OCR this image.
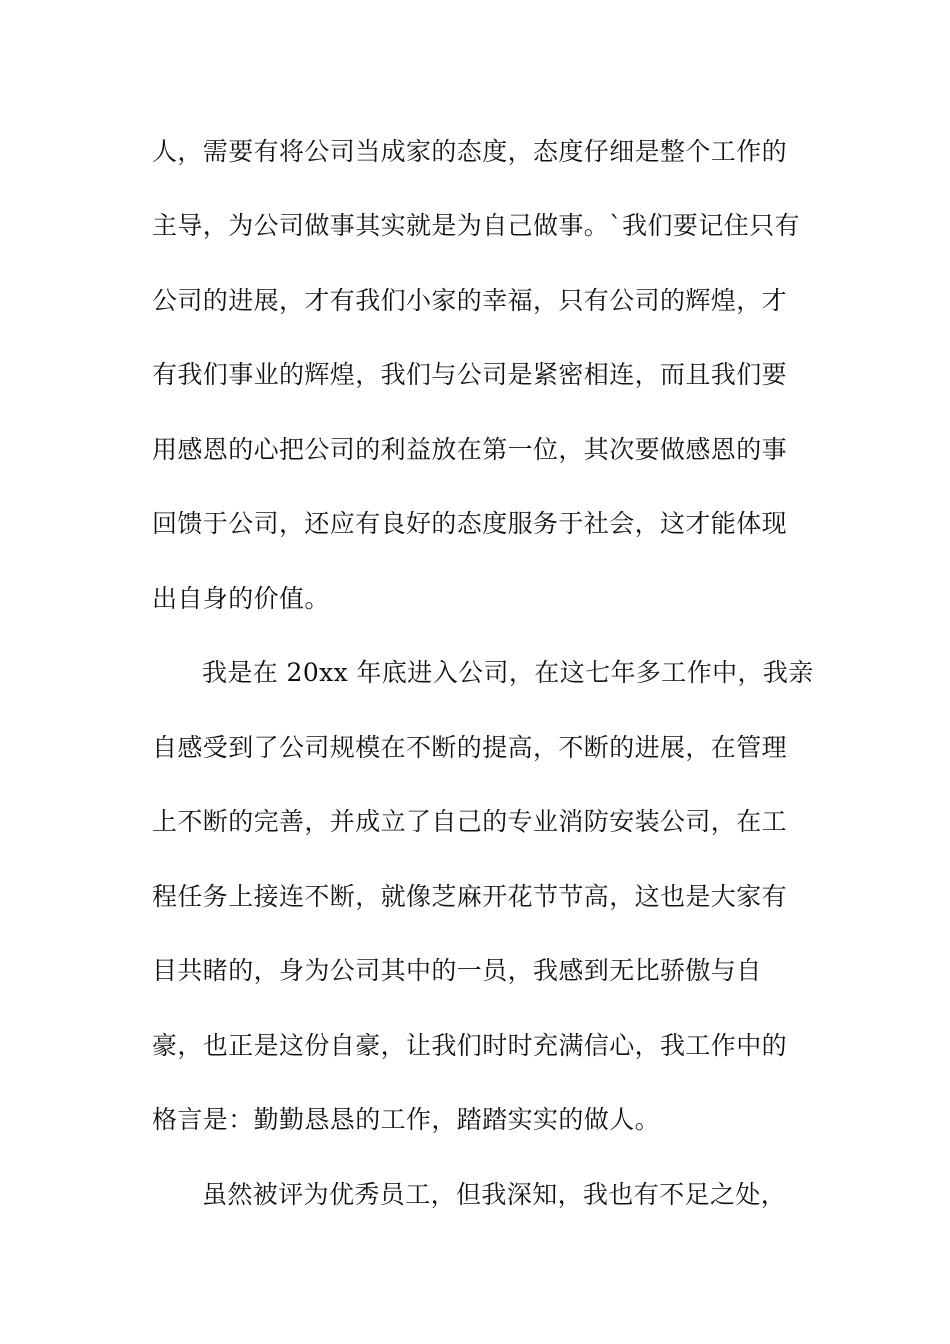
人，需要有将公司当成家的态度，态度仔细是整个工作的
主导，为公司做事其实就是为自己做事。`我们要记住只有
公司的进展，才有我们小家的幸福，只有公司的辉煌，才
有我们事业的辉煌，我们与公司是紧密相连，而且我们要
用感恩的心把公司的利益放在第一位，其次要做感恩的事
回馈于公司，还应有良好的态度服务于社会，这才能体现
出自身的价值。
我是在 20xx 年底进入公司，在这七年多工作中，我亲
自感受到了公司规模在不断的提高，不断的进展，在管理
上不断的完善，并成立了自己的专业消防安装公司，在工
程任务上接连不断，就像芝麻开花节节高，这也是大家有
目共睹的，身为公司其中的一员，我感到无比骄傲与自
豪，也正是这份自豪，让我们时时充满信心，我工作中的
格言是：勤勤恳恳的工作，踏踏实实的做人。
虽然被评为优秀员工，但我深知，我也有不足之处，
